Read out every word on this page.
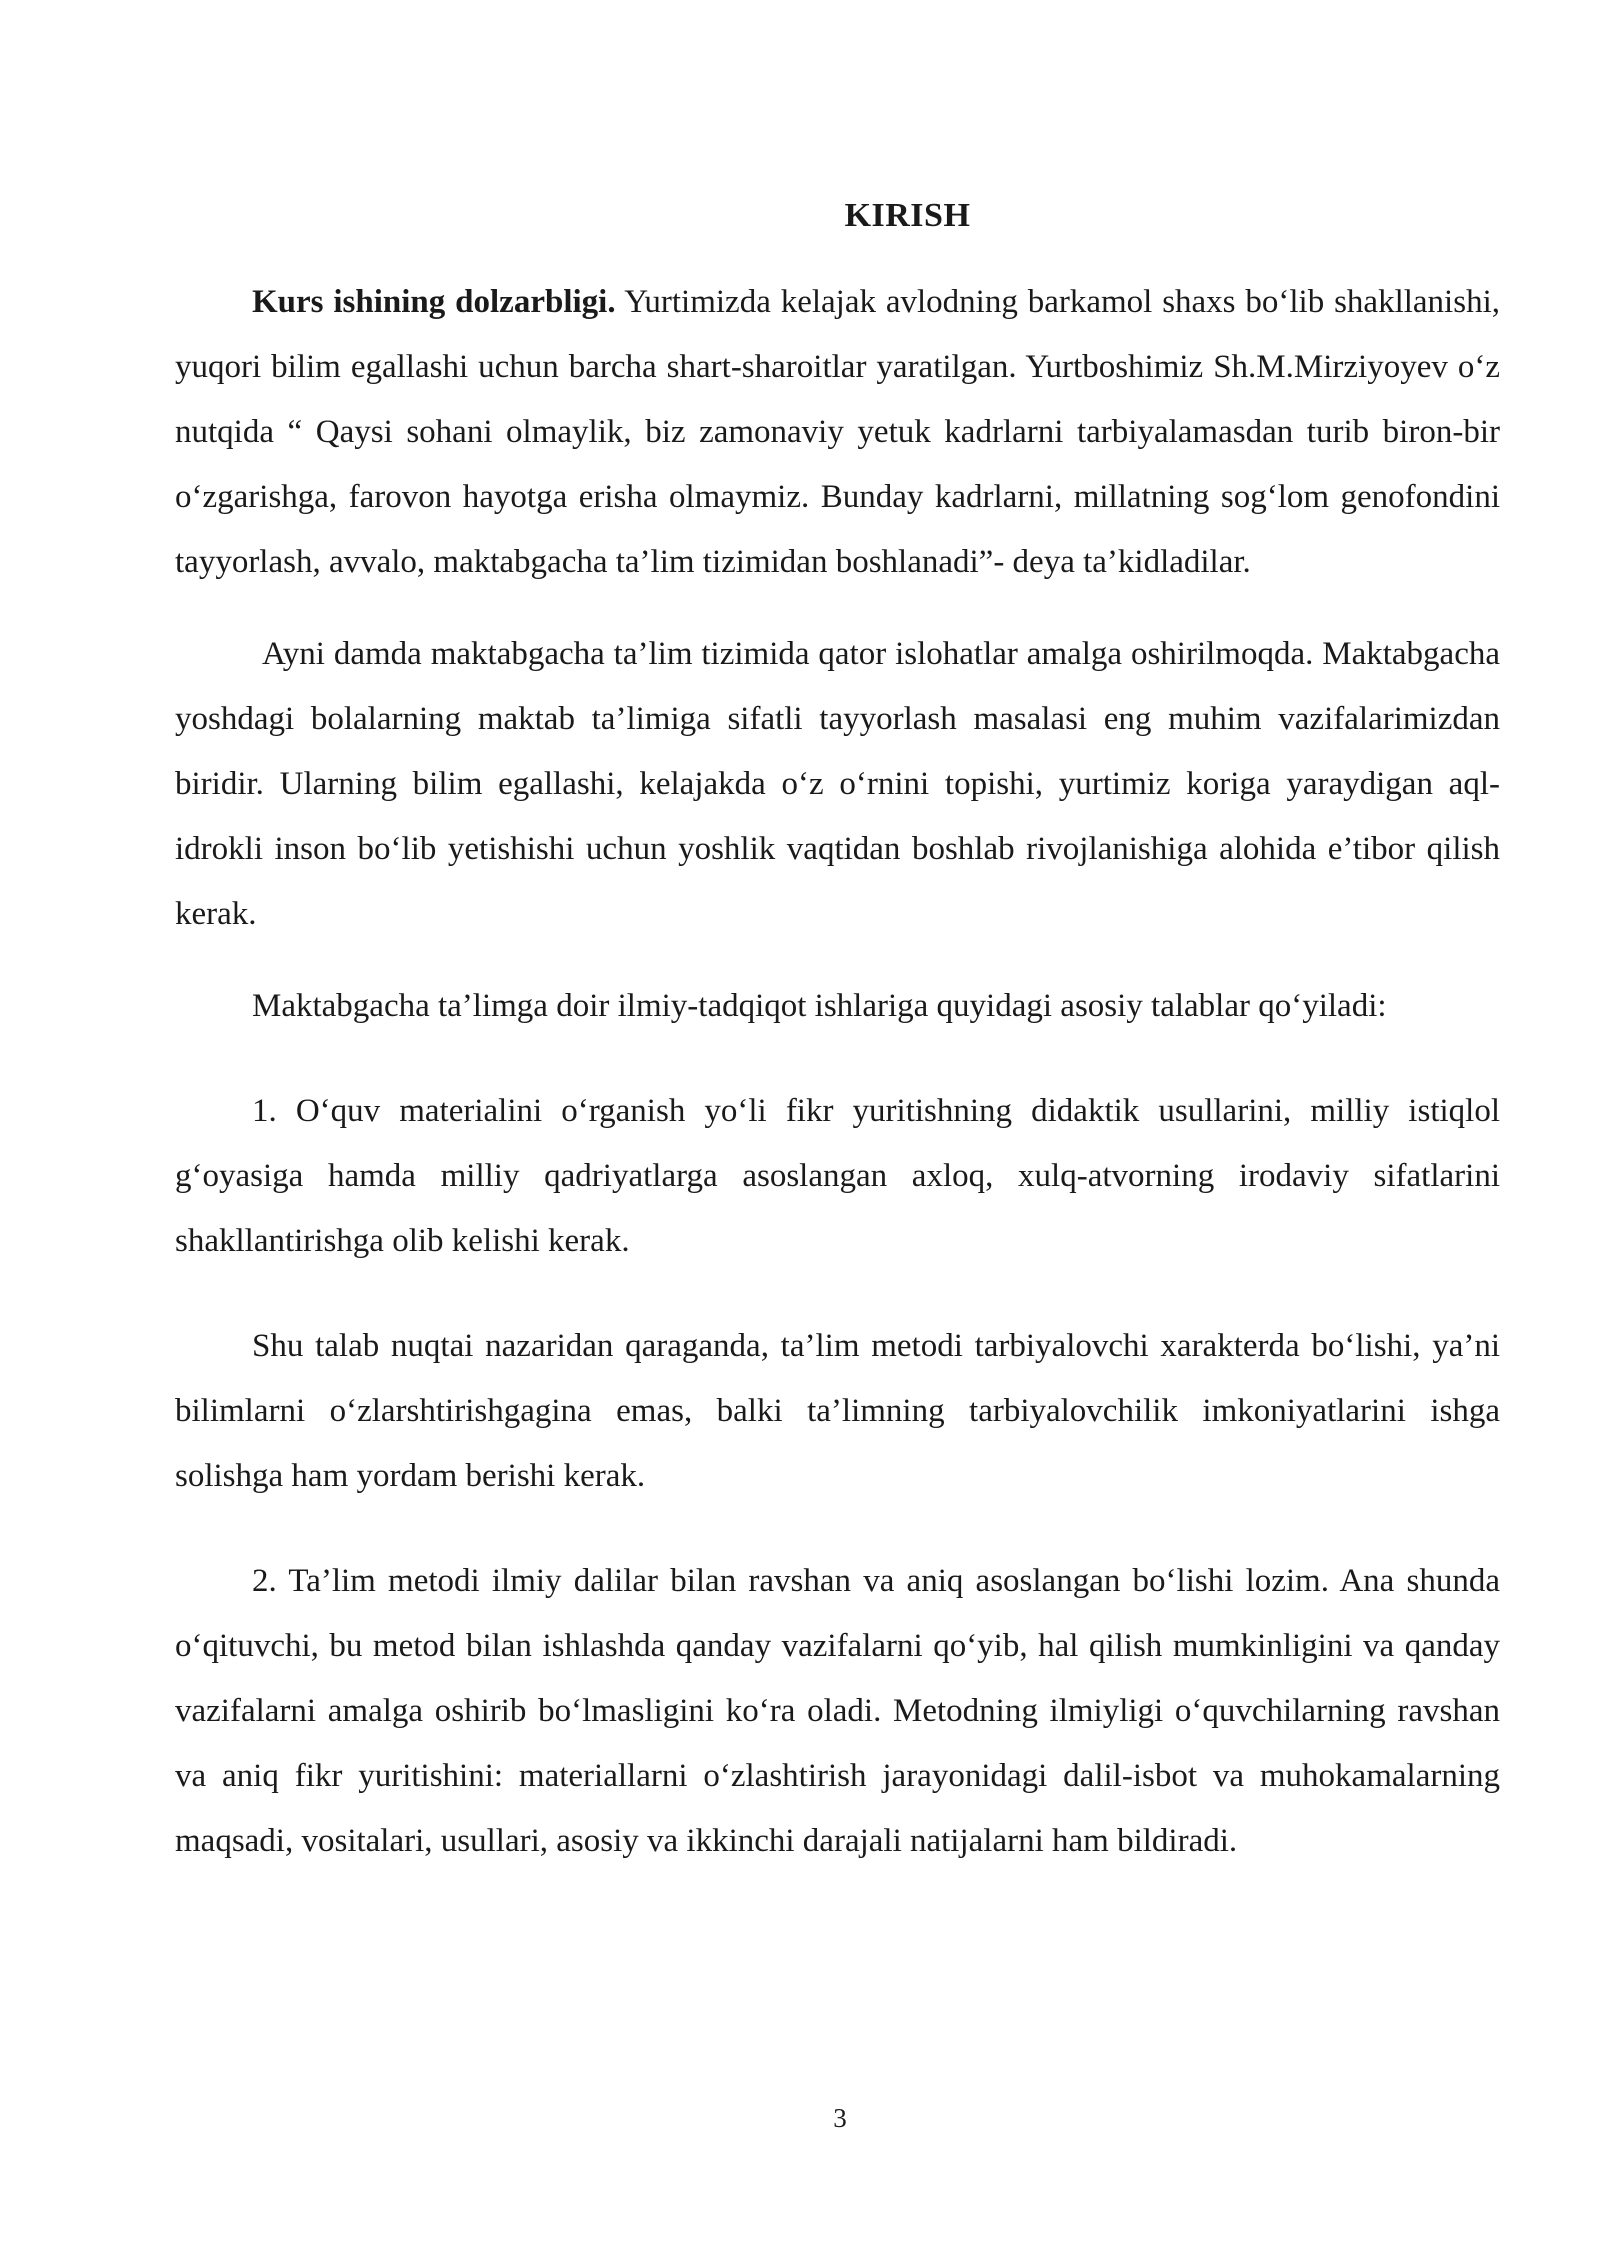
KIRISH

Kurs ishining dolzarbligi. Yurtimizda kelajak avlodning barkamol shaxs bo‘lib shakllanishi, yuqori bilim egallashi uchun barcha shart-sharoitlar yaratilgan. Yurtboshimiz Sh.M.Mirziyoyev o‘z nutqida “ Qaysi sohani olmaylik, biz zamonaviy yetuk kadrlarni tarbiyalamasdan turib biron-bir o‘zgarishga, farovon hayotga erisha olmaymiz. Bunday kadrlarni, millatning sog‘lom genofondini tayyorlash, avvalo, maktabgacha ta’lim tizimidan boshlanadi”- deya ta’kidladilar.

Ayni damda maktabgacha ta’lim tizimida qator islohatlar amalga oshirilmoqda. Maktabgacha yoshdagi bolalarning maktab ta’limiga sifatli tayyorlash masalasi eng muhim vazifalarimizdan biridir. Ularning bilim egallashi, kelajakda o‘z o‘rnini topishi, yurtimiz koriga yaraydigan aql-idrokli inson bo‘lib yetishishi uchun yoshlik vaqtidan boshlab rivojlanishiga alohida e’tibor qilish kerak.

Maktabgacha ta’limga doir ilmiy-tadqiqot ishlariga quyidagi asosiy talablar qo‘yiladi:

1. O‘quv materialini o‘rganish yo‘li fikr yuritishning didaktik usullarini, milliy istiqlol g‘oyasiga hamda milliy qadriyatlarga asoslangan axloq, xulq-atvorning irodaviy sifatlarini shakllantirishga olib kelishi kerak.

Shu talab nuqtai nazaridan qaraganda, ta’lim metodi tarbiyalovchi xarakterda bo‘lishi, ya’ni bilimlarni o‘zlarshtirishgagina emas, balki ta’limning tarbiyalovchilik imkoniyatlarini ishga solishga ham yordam berishi kerak.

2. Ta’lim metodi ilmiy dalilar bilan ravshan va aniq asoslangan bo‘lishi lozim. Ana shunda o‘qituvchi, bu metod bilan ishlashda qanday vazifalarni qo‘yib, hal qilish mumkinligini va qanday vazifalarni amalga oshirib bo‘lmasligini ko‘ra oladi. Metodning ilmiyligi o‘quvchilarning ravshan va aniq fikr yuritishini: materiallarni o‘zlashtirish jarayonidagi dalil-isbot va muhokamalarning maqsadi, vositalari, usullari, asosiy va ikkinchi darajali natijalarni ham bildiradi.

3
